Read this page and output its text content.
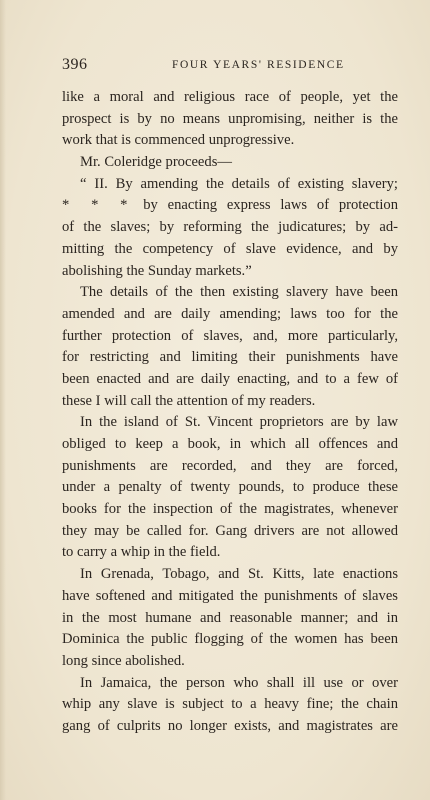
396	FOUR YEARS' RESIDENCE
like a moral and religious race of people, yet the
prospect is by no means unpromising, neither is the
work that is commenced unprogressive.
Mr. Coleridge proceeds—
“ II. By amending the details of existing slavery;
* * * by enacting express laws of protection
of the slaves; by reforming the judicatures; by ad-
mitting the competency of slave evidence, and by
abolishing the Sunday markets.”
The details of the then existing slavery have been
amended and are daily amending; laws too for the
further protection of slaves, and, more particularly,
for restricting and limiting their punishments have
been enacted and are daily enacting, and to a few of
these I will call the attention of my readers.
In the island of St. Vincent proprietors are by law
obliged to keep a book, in which all offences and
punishments are recorded, and they are forced,
under a penalty of twenty pounds, to produce these
books for the inspection of the magistrates, whenever
they may be called for. Gang drivers are not allowed
to carry a whip in the field.
In Grenada, Tobago, and St. Kitts, late enactions
have softened and mitigated the punishments of slaves
in the most humane and reasonable manner; and in
Dominica the public flogging of the women has been
long since abolished.
In Jamaica, the person who shall ill use or over
whip any slave is subject to a heavy fine; the chain
gang of culprits no longer exists, and magistrates are
